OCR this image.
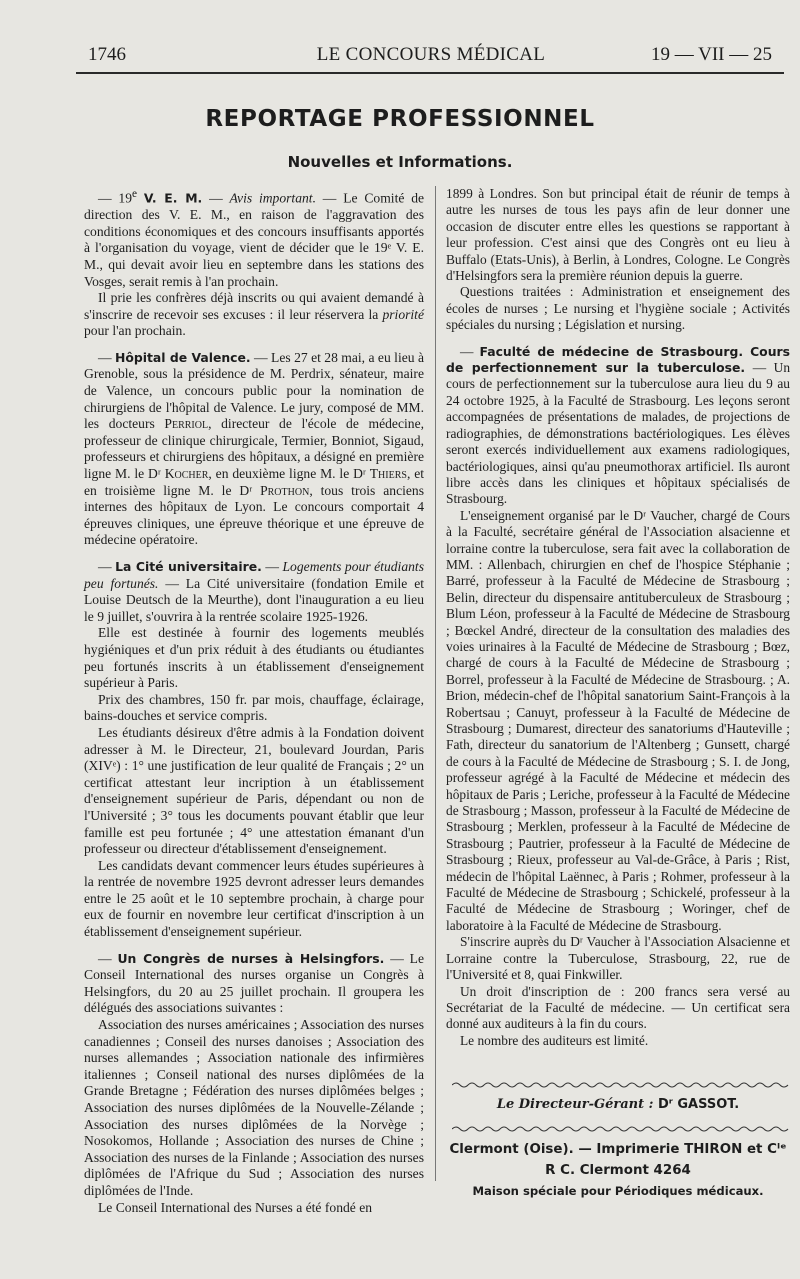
1746	LE CONCOURS MÉDICAL	19 — VII — 25
REPORTAGE PROFESSIONNEL
Nouvelles et Informations.

— 19e V. E. M. — Avis important. — Le Comité de direction des V. E. M., en raison de l'aggravation des conditions économiques et des concours insuffisants apportés à l'organisation du voyage, vient de décider que le 19ᵉ V. E. M., qui devait avoir lieu en septembre dans les stations des Vosges, serait remis à l'an prochain.

Il prie les confrères déjà inscrits ou qui avaient demandé à s'inscrire de recevoir ses excuses : il leur réservera la priorité pour l'an prochain.

— Hôpital de Valence. — Les 27 et 28 mai, a eu lieu à Grenoble, sous la présidence de M. Perdrix, sénateur, maire de Valence, un concours public pour la nomination de chirurgiens de l'hôpital de Valence. Le jury, composé de MM. les docteurs Perriol, directeur de l'école de médecine, professeur de clinique chirurgicale, Termier, Bonniot, Sigaud, professeurs et chirurgiens des hôpitaux, a désigné en première ligne M. le Dʳ Kocher, en deuxième ligne M. le Dʳ Thiers, et en troisième ligne M. le Dʳ Prothon, tous trois anciens internes des hôpitaux de Lyon. Le concours comportait 4 épreuves cliniques, une épreuve théorique et une épreuve de médecine opératoire.

— La Cité universitaire. — Logements pour étudiants peu fortunés. — La Cité universitaire (fondation Emile et Louise Deutsch de la Meurthe), dont l'inauguration a eu lieu le 9 juillet, s'ouvrira à la rentrée scolaire 1925-1926.

Elle est destinée à fournir des logements meublés hygiéniques et d'un prix réduit à des étudiants ou étudiantes peu fortunés inscrits à un établissement d'enseignement supérieur à Paris.

Prix des chambres, 150 fr. par mois, chauffage, éclairage, bains-douches et service compris.

Les étudiants désireux d'être admis à la Fondation doivent adresser à M. le Directeur, 21, boulevard Jourdan, Paris (XIVᵉ) : 1° une justification de leur qualité de Français ; 2° un certificat attestant leur incription à un établissement d'enseignement supérieur de Paris, dépendant ou non de l'Université ; 3° tous les documents pouvant établir que leur famille est peu fortunée ; 4° une attestation émanant d'un professeur ou directeur d'établissement d'enseignement.

Les candidats devant commencer leurs études supérieures à la rentrée de novembre 1925 devront adresser leurs demandes entre le 25 août et le 10 septembre prochain, à charge pour eux de fournir en novembre leur certificat d'inscription à un établissement d'enseignement supérieur.

— Un Congrès de nurses à Helsingfors. — Le Conseil International des nurses organise un Congrès à Helsingfors, du 20 au 25 juillet prochain. Il groupera les délégués des associations suivantes :

Association des nurses américaines ; Association des nurses canadiennes ; Conseil des nurses danoises ; Association des nurses allemandes ; Association nationale des infirmières italiennes ; Conseil national des nurses diplômées de la Grande Bretagne ; Fédération des nurses diplômées belges ; Association des nurses diplômées de la Nouvelle-Zélande ; Association des nurses diplômées de la Norvège ; Nosokomos, Hollande ; Association des nurses de Chine ; Association des nurses de la Finlande ; Association des nurses diplômées de l'Afrique du Sud ; Association des nurses diplômées de l'Inde.

Le Conseil International des Nurses a été fondé en

1899 à Londres. Son but principal était de réunir de temps à autre les nurses de tous les pays afin de leur donner une occasion de discuter entre elles les questions se rapportant à leur profession. C'est ainsi que des Congrès ont eu lieu à Buffalo (Etats-Unis), à Berlin, à Londres, Cologne. Le Congrès d'Helsingfors sera la première réunion depuis la guerre.

Questions traitées : Administration et enseignement des écoles de nurses ; Le nursing et l'hygiène sociale ; Activités spéciales du nursing ; Législation et nursing.

— Faculté de médecine de Strasbourg. Cours de perfectionnement sur la tuberculose. — Un cours de perfectionnement sur la tuberculose aura lieu du 9 au 24 octobre 1925, à la Faculté de Strasbourg. Les leçons seront accompagnées de présentations de malades, de projections de radiographies, de démonstrations bactériologiques. Les élèves seront exercés individuellement aux examens radiologiques, bactériologiques, ainsi qu'au pneumothorax artificiel. Ils auront libre accès dans les cliniques et hôpitaux spécialisés de Strasbourg.

L'enseignement organisé par le Dʳ Vaucher, chargé de Cours à la Faculté, secrétaire général de l'Association alsacienne et lorraine contre la tuberculose, sera fait avec la collaboration de MM. : Allenbach, chirurgien en chef de l'hospice Stéphanie ; Barré, professeur à la Faculté de Médecine de Strasbourg ; Belin, directeur du dispensaire antituberculeux de Strasbourg ; Blum Léon, professeur à la Faculté de Médecine de Strasbourg ; Bœckel André, directeur de la consultation des maladies des voies urinaires à la Faculté de Médecine de Strasbourg ; Bœz, chargé de cours à la Faculté de Médecine de Strasbourg ; Borrel, professeur à la Faculté de Médecine de Strasbourg. ; A. Brion, médecin-chef de l'hôpital sanatorium Saint-François à la Robertsau ; Canuyt, professeur à la Faculté de Médecine de Strasbourg ; Dumarest, directeur des sanatoriums d'Hauteville ; Fath, directeur du sanatorium de l'Altenberg ; Gunsett, chargé de cours à la Faculté de Médecine de Strasbourg ; S. I. de Jong, professeur agrégé à la Faculté de Médecine et médecin des hôpitaux de Paris ; Leriche, professeur à la Faculté de Médecine de Strasbourg ; Masson, professeur à la Faculté de Médecine de Strasbourg ; Merklen, professeur à la Faculté de Médecine de Strasbourg ; Pautrier, professeur à la Faculté de Médecine de Strasbourg ; Rieux, professeur au Val-de-Grâce, à Paris ; Rist, médecin de l'hôpital Laënnec, à Paris ; Rohmer, professeur à la Faculté de Médecine de Strasbourg ; Schickelé, professeur à la Faculté de Médecine de Strasbourg ; Woringer, chef de laboratoire à la Faculté de Médecine de Strasbourg.

S'inscrire auprès du Dʳ Vaucher à l'Association Alsacienne et Lorraine contre la Tuberculose, Strasbourg, 22, rue de l'Université et 8, quai Finkwiller.

Un droit d'inscription de : 200 francs sera versé au Secrétariat de la Faculté de médecine. — Un certificat sera donné aux auditeurs à la fin du cours.

Le nombre des auditeurs est limité.

Le Directeur-Gérant : Dʳ GASSOT.
Clermont (Oise). — Imprimerie THIRON et Cᴵᵉ
R C. Clermont 4264
Maison spéciale pour Périodiques médicaux.
